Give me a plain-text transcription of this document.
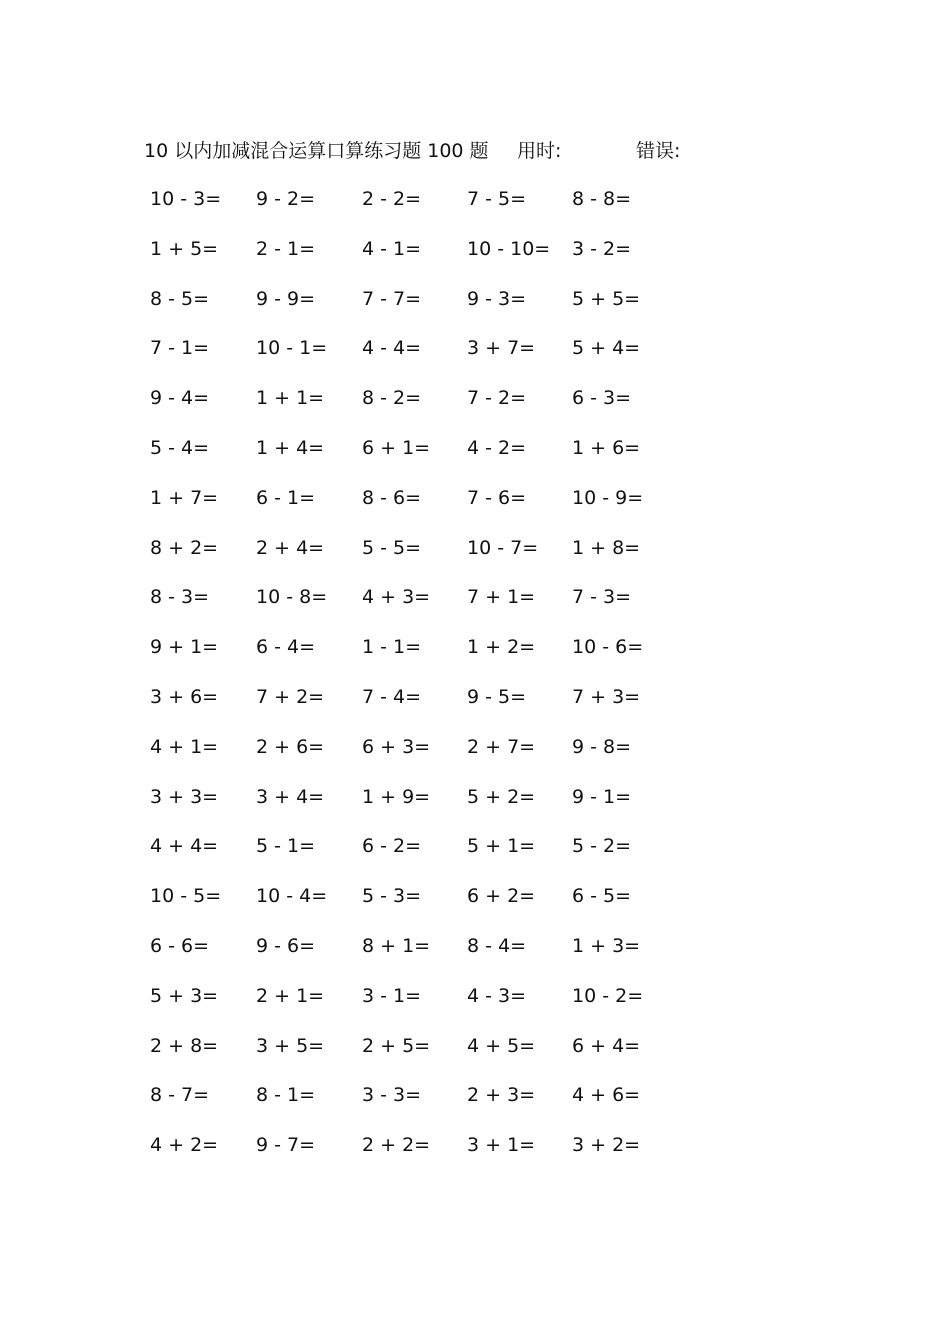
10 以内加减混合运算口算练习题 100 题 用时:	错误:
10 - 3= 9 - 2= 2 - 2= 7 - 5= 8 - 8=
1 + 5= 2 - 1= 4 - 1= 10 - 10= 3 - 2=
8 - 5= 9 - 9= 7 - 7= 9 - 3= 5 + 5=
7 - 1= 10 - 1= 4 - 4= 3 + 7= 5 + 4=
9 - 4= 1 + 1= 8 - 2= 7 - 2= 6 - 3=
5 - 4= 1 + 4= 6 + 1= 4 - 2= 1 + 6=
1 + 7= 6 - 1= 8 - 6= 7 - 6= 10 - 9=
8 + 2= 2 + 4= 5 - 5= 10 - 7= 1 + 8=
8 - 3= 10 - 8= 4 + 3= 7 + 1= 7 - 3=
9 + 1= 6 - 4= 1 - 1= 1 + 2= 10 - 6=
3 + 6= 7 + 2= 7 - 4= 9 - 5= 7 + 3=
4 + 1= 2 + 6= 6 + 3= 2 + 7= 9 - 8=
3 + 3= 3 + 4= 1 + 9= 5 + 2= 9 - 1=
4 + 4= 5 - 1= 6 - 2= 5 + 1= 5 - 2=
10 - 5= 10 - 4= 5 - 3= 6 + 2= 6 - 5=
6 - 6= 9 - 6= 8 + 1= 8 - 4= 1 + 3=
5 + 3= 2 + 1= 3 - 1= 4 - 3= 10 - 2=
2 + 8= 3 + 5= 2 + 5= 4 + 5= 6 + 4=
8 - 7= 8 - 1= 3 - 3= 2 + 3= 4 + 6=
4 + 2= 9 - 7= 2 + 2= 3 + 1= 3 + 2=
